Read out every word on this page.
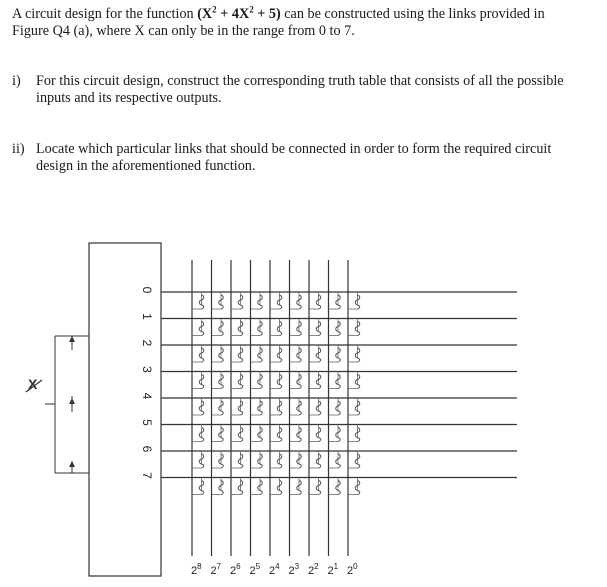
A circuit design for the function $(X^2 + 4X^2 + 5)$ can be constructed using the links provided in
Figure Q4 (a), where X can only be in the range from 0 to 7.
i)	For this circuit design, construct the corresponding truth table that consists of all the possible
inputs and its respective outputs.
ii) Locate which particular links that should be connected in order to form the required circuit
design in the aforementioned function.
X
0
1
2
3
4
5
6
7
$2^8$ $2^7$ $2^6$ $2^5$ $2^4$ $2^3$ $2^2$ $2^1$ $2^0$
